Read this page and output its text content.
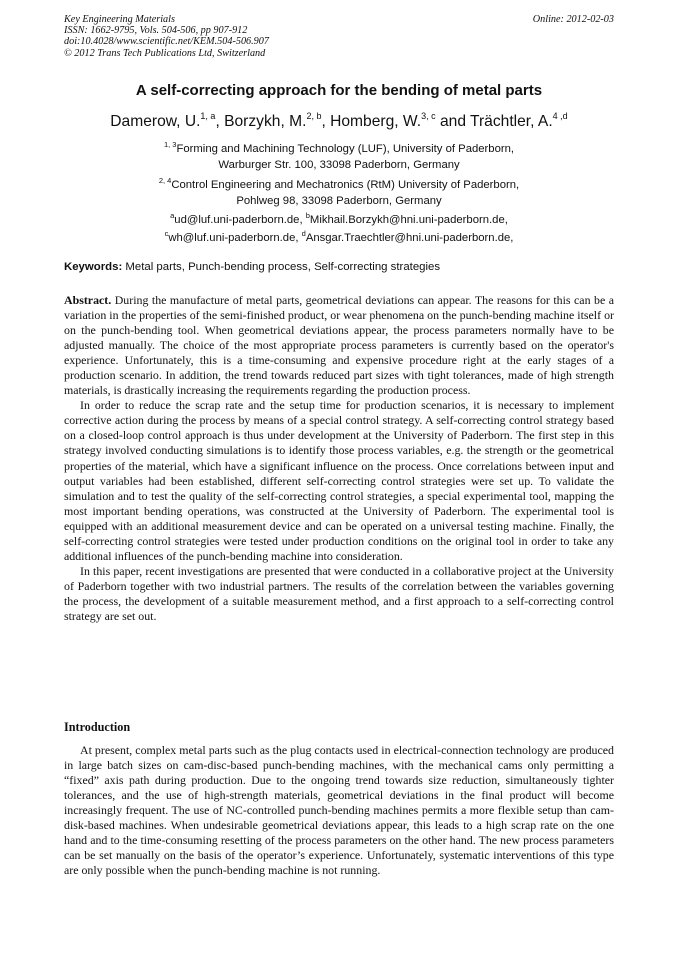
Key Engineering Materials
ISSN: 1662-9795, Vols. 504-506, pp 907-912
doi:10.4028/www.scientific.net/KEM.504-506.907
© 2012 Trans Tech Publications Ltd, Switzerland
Online: 2012-02-03
A self-correcting approach for the bending of metal parts
Damerow, U.$^{1, a}$, Borzykh, M.$^{2, b}$, Homberg, W.$^{3, c}$ and Trächtler, A.$^{4 ,d}$
$^{1, 3}$Forming and Machining Technology (LUF), University of Paderborn,
Warburger Str. 100, 33098 Paderborn, Germany
$^{2, 4}$Control Engineering and Mechatronics (RtM) University of Paderborn,
Pohlweg 98, 33098 Paderborn, Germany
$^a$ud@luf.uni-paderborn.de, $^b$Mikhail.Borzykh@hni.uni-paderborn.de,
$^c$wh@luf.uni-paderborn.de, $^d$Ansgar.Traechtler@hni.uni-paderborn.de,
Keywords: Metal parts, Punch-bending process, Self-correcting strategies

Abstract. During the manufacture of metal parts, geometrical deviations can appear. The reasons for this can be a variation in the properties of the semi-finished product, or wear phenomena on the punch-bending machine itself or on the punch-bending tool. When geometrical deviations appear, the process parameters normally have to be adjusted manually. The choice of the most appropriate process parameters is currently based on the operator's experience. Unfortunately, this is a time-consuming and expensive procedure right at the early stages of a production scenario. In addition, the trend towards reduced part sizes with tight tolerances, made of high strength materials, is drastically increasing the requirements regarding the production process.

In order to reduce the scrap rate and the setup time for production scenarios, it is necessary to implement corrective action during the process by means of a special control strategy. A self-correcting control strategy based on a closed-loop control approach is thus under development at the University of Paderborn. The first step in this strategy involved conducting simulations is to identify those process variables, e.g. the strength or the geometrical properties of the material, which have a significant influence on the process. Once correlations between input and output variables had been established, different self-correcting control strategies were set up. To validate the simulation and to test the quality of the self-correcting control strategies, a special experimental tool, mapping the most important bending operations, was constructed at the University of Paderborn. The experimental tool is equipped with an additional measurement device and can be operated on a universal testing machine. Finally, the self-correcting control strategies were tested under production conditions on the original tool in order to take any additional influences of the punch-bending machine into consideration.

In this paper, recent investigations are presented that were conducted in a collaborative project at the University of Paderborn together with two industrial partners. The results of the correlation between the variables governing the process, the development of a suitable measurement method, and a first approach to a self-correcting control strategy are set out.

Introduction

At present, complex metal parts such as the plug contacts used in electrical-connection technology are produced in large batch sizes on cam-disc-based punch-bending machines, with the mechanical cams only permitting a “fixed” axis path during production. Due to the ongoing trend towards size reduction, simultaneously tighter tolerances, and the use of high-strength materials, geometrical deviations in the final product will become increasingly frequent. The use of NC-controlled punch-bending machines permits a more flexible setup than cam-disk-based machines. When undesirable geometrical deviations appear, this leads to a high scrap rate on the one hand and to the time-consuming resetting of the process parameters on the other hand. The new process parameters can be set manually on the basis of the operator’s experience. Unfortunately, systematic interventions of this type are only possible when the punch-bending machine is not running.
